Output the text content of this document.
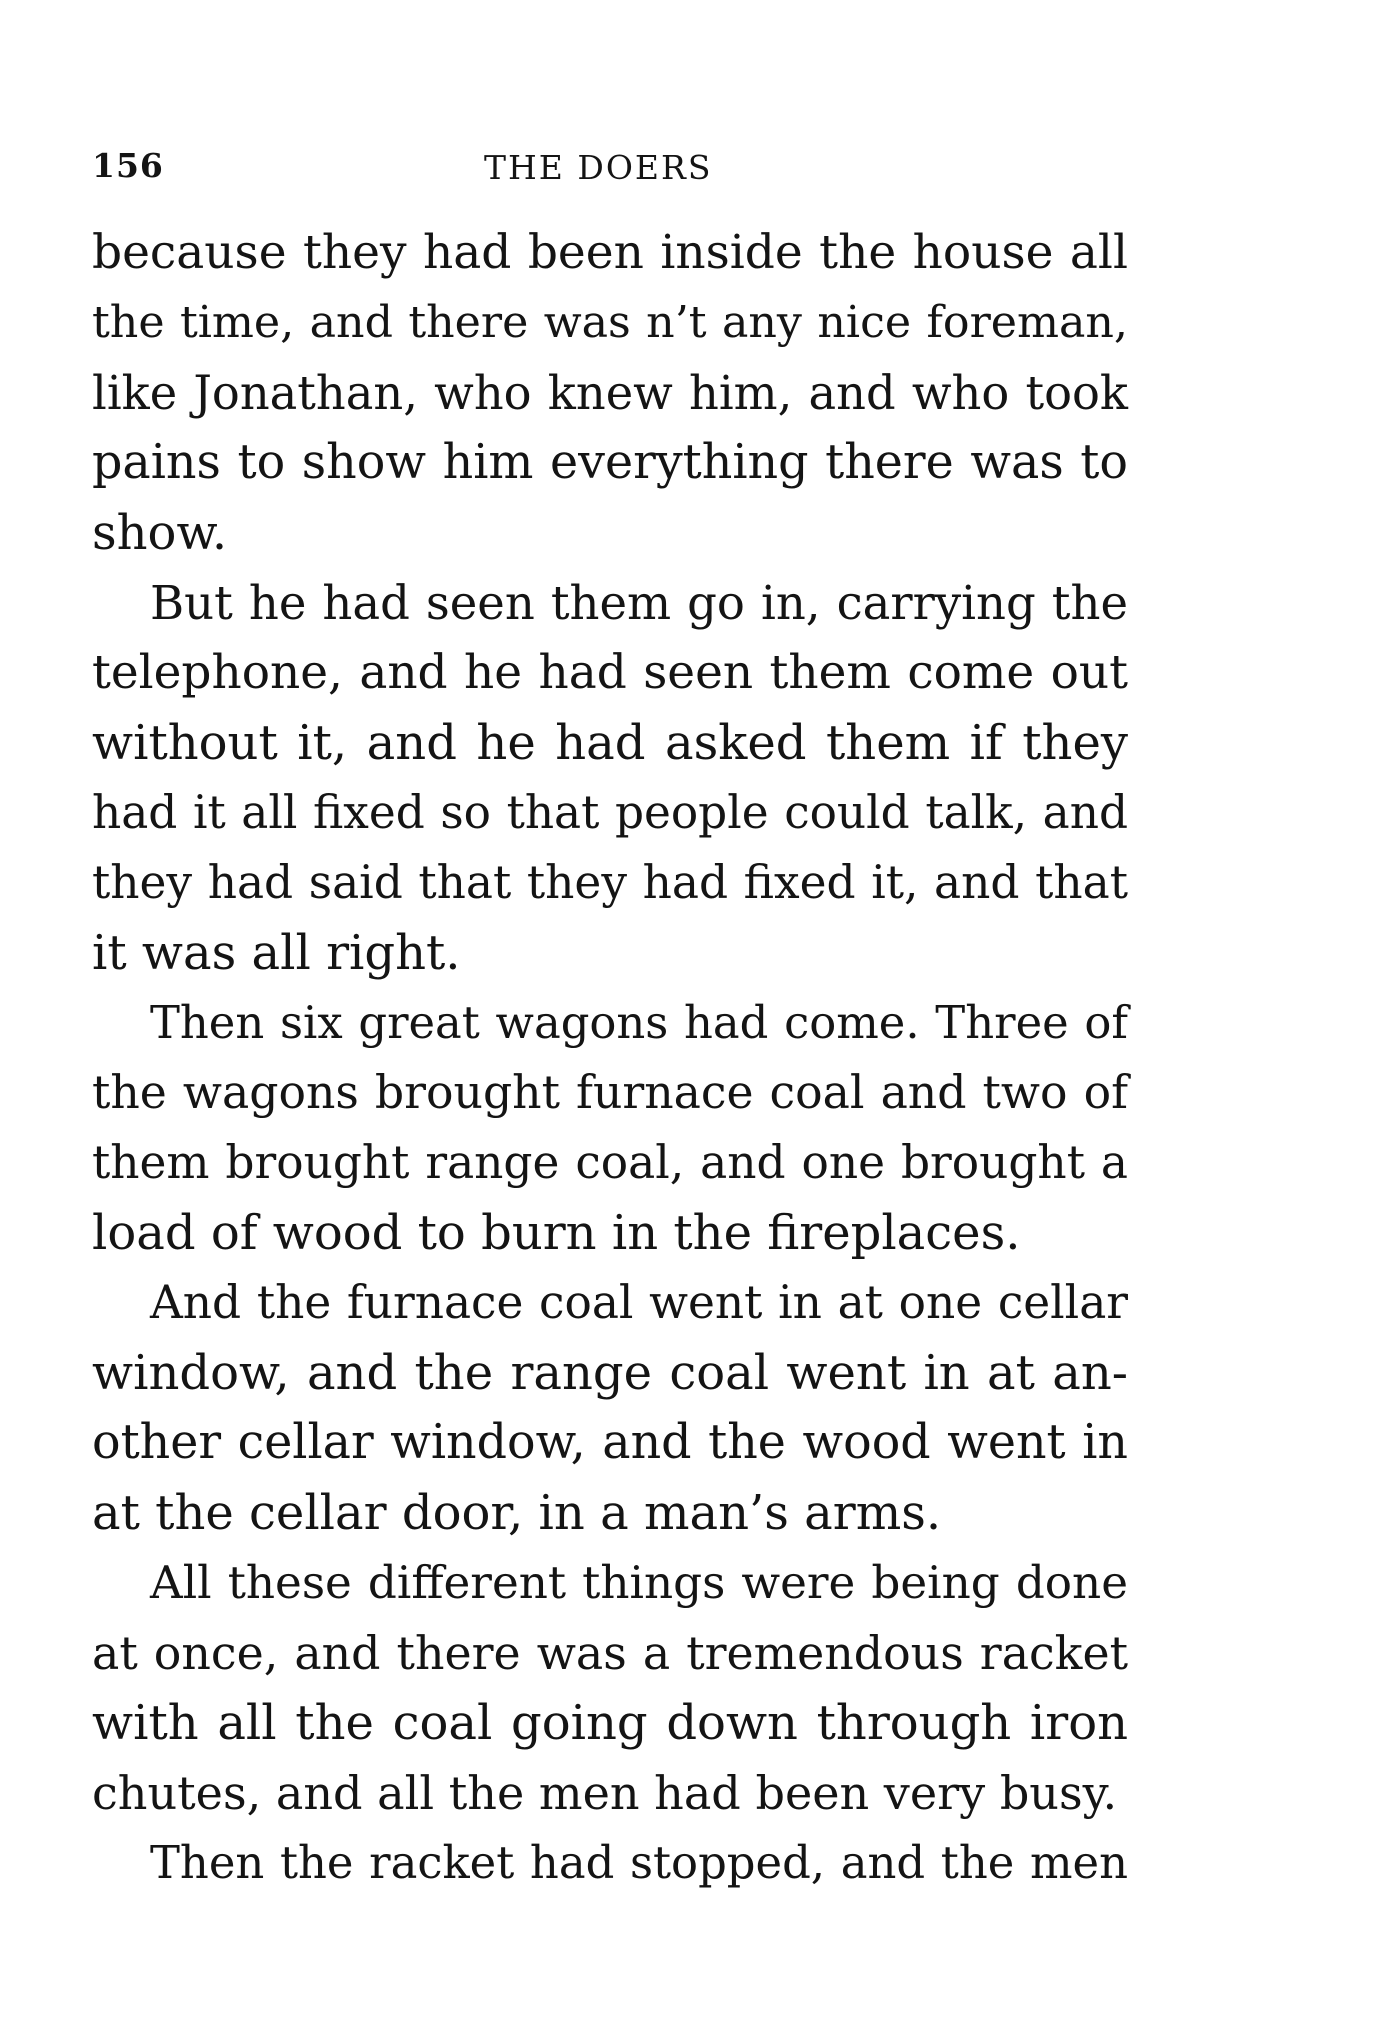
156	THE DOERS
because they had been inside the house all
the time, and there was n’t any nice foreman,
like Jonathan, who knew him, and who took
pains to show him everything there was to
show.
But he had seen them go in, carrying the
telephone, and he had seen them come out
without it, and he had asked them if they
had it all fixed so that people could talk, and
they had said that they had fixed it, and that
it was all right.
Then six great wagons had come. Three of
the wagons brought furnace coal and two of
them brought range coal, and one brought a
load of wood to burn in the fireplaces.
And the furnace coal went in at one cellar
window, and the range coal went in at an-
other cellar window, and the wood went in
at the cellar door, in a man’s arms.
All these different things were being done
at once, and there was a tremendous racket
with all the coal going down through iron
chutes, and all the men had been very busy.
Then the racket had stopped, and the men
